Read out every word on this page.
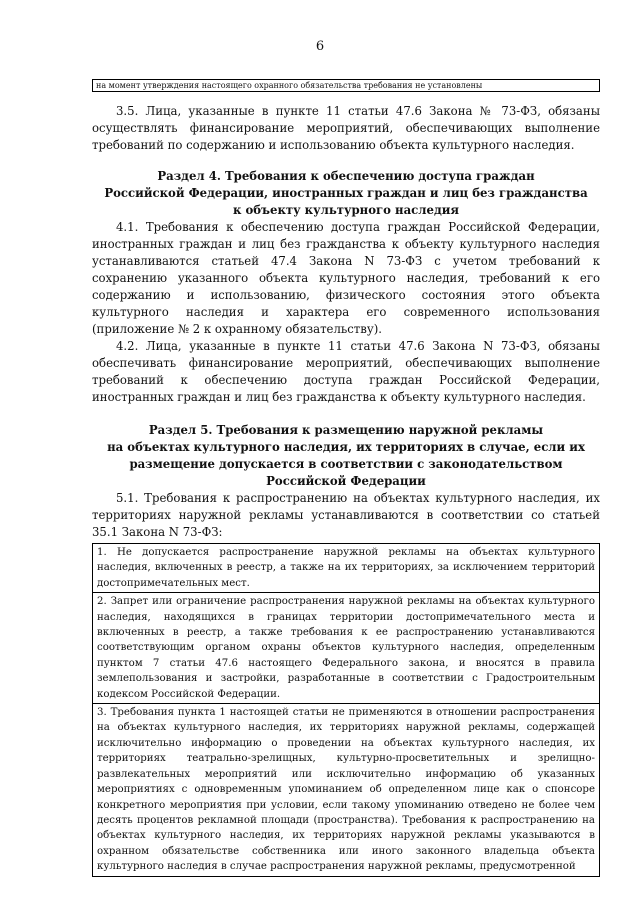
6
на момент утверждения настоящего охранного обязательства требования не установлены

3.5. Лица, указанные в пункте 11 статьи 47.6 Закона № 73-ФЗ, обязаны осуществлять финансирование мероприятий, обеспечивающих выполнение требований по содержанию и использованию объекта культурного наследия.

Раздел 4. Требования к обеспечению доступа граждан

Российской Федерации, иностранных граждан и лиц без гражданства

к объекту культурного наследия

4.1. Требования к обеспечению доступа граждан Российской Федерации, иностранных граждан и лиц без гражданства к объекту культурного наследия устанавливаются статьей 47.4 Закона N 73-ФЗ с учетом требований к сохранению указанного объекта культурного наследия, требований к его содержанию и использованию, физического состояния этого объекта культурного наследия и характера его современного использования (приложение № 2 к охранному обязательству).

4.2. Лица, указанные в пункте 11 статьи 47.6 Закона N 73-ФЗ, обязаны обеспечивать финансирование мероприятий, обеспечивающих выполнение требований к обеспечению доступа граждан Российской Федерации, иностранных граждан и лиц без гражданства к объекту культурного наследия.

Раздел 5. Требования к размещению наружной рекламы

на объектах культурного наследия, их территориях в случае, если их

размещение допускается в соответствии с законодательством

Российской Федерации

5.1. Требования к распространению на объектах культурного наследия, их территориях наружной рекламы устанавливаются в соответствии со статьей 35.1 Закона N 73-ФЗ:

1. Не допускается распространение наружной рекламы на объектах культурного наследия, включенных в реестр, а также на их территориях, за исключением территорий достопримечательных мест.

2. Запрет или ограничение распространения наружной рекламы на объектах культурного наследия, находящихся в границах территории достопримечательного места и включенных в реестр, а также требования к ее распространению устанавливаются соответствующим органом охраны объектов культурного наследия, определенным пунктом 7 статьи 47.6 настоящего Федерального закона, и вносятся в правила землепользования и застройки, разработанные в соответствии с Градостроительным кодексом Российской Федерации.

3. Требования пункта 1 настоящей статьи не применяются в отношении распространения на объектах культурного наследия, их территориях наружной рекламы, содержащей исключительно информацию о проведении на объектах культурного наследия, их территориях театрально-зрелищных, культурно-просветительных и зрелищно-развлекательных мероприятий или исключительно информацию об указанных мероприятиях с одновременным упоминанием об определенном лице как о спонсоре конкретного мероприятия при условии, если такому упоминанию отведено не более чем десять процентов рекламной площади (пространства). Требования к распространению на объектах культурного наследия, их территориях наружной рекламы указываются в охранном обязательстве собственника или иного законного владельца объекта культурного наследия в случае распространения наружной рекламы, предусмотренной
